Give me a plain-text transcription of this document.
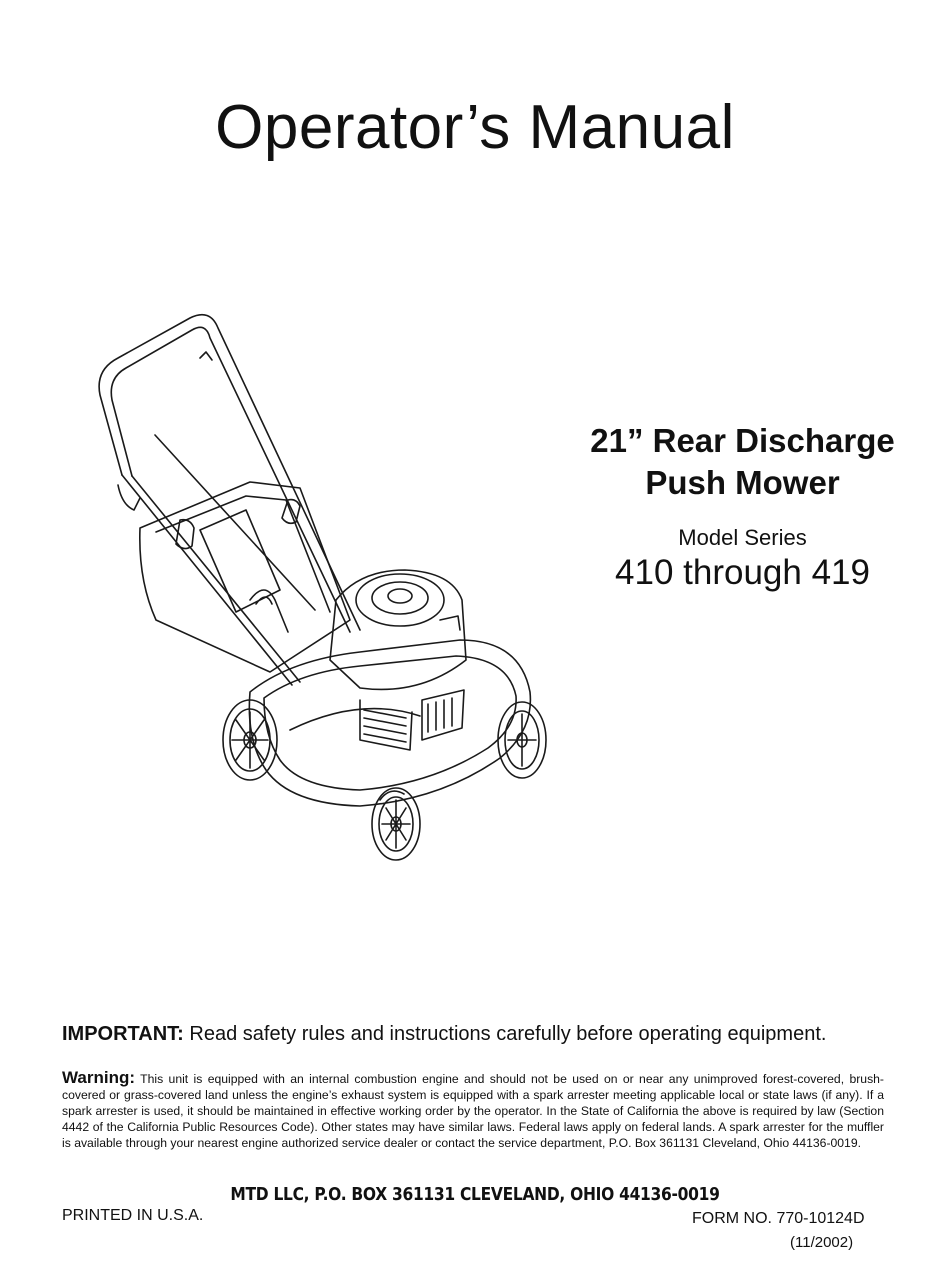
Operator’s Manual
21” Rear Discharge
Push Mower
Model Series
410 through 419
IMPORTANT: Read safety rules and instructions carefully before operating equipment.
Warning: This unit is equipped with an internal combustion engine and should not be used on or near any unimproved forest-covered, brush-covered or grass-covered land unless the engine’s exhaust system is equipped with a spark arrester meeting applicable local or state laws (if any). If a spark arrester is used, it should be maintained in effective working order by the operator. In the State of California the above is required by law (Section 4442 of the California Public Resources Code). Other states may have similar laws. Federal laws apply on federal lands. A spark arrester for the muffler is available through your nearest engine authorized service dealer or contact the service department, P.O. Box 361131 Cleveland, Ohio 44136-0019.
MTD LLC, P.O. BOX 361131 CLEVELAND, OHIO 44136-0019
PRINTED IN U.S.A.	FORM NO. 770-10124D
(11/2002)
